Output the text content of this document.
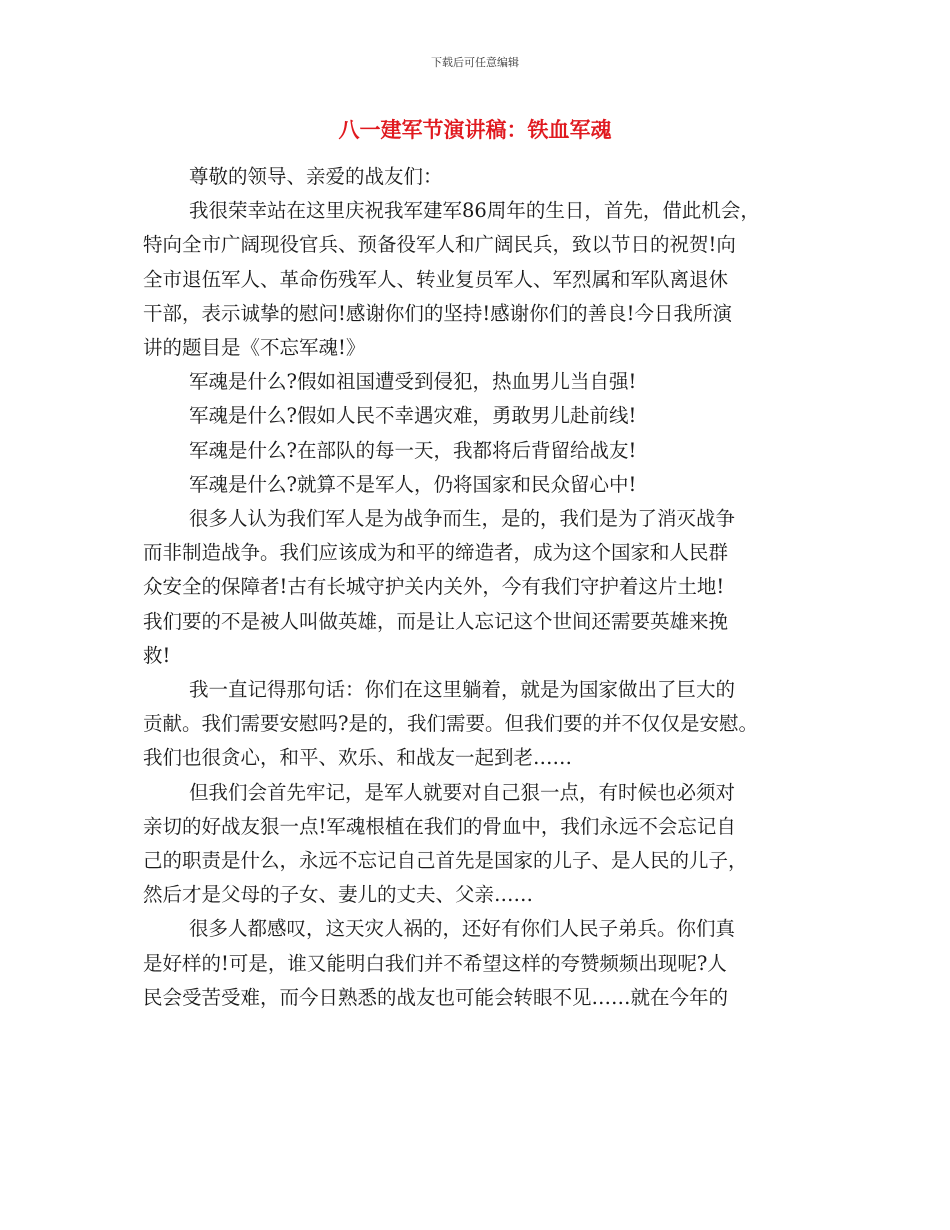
下载后可任意编辑
八一建军节演讲稿：铁血军魂
尊敬的领导、亲爱的战友们：
我很荣幸站在这里庆祝我军建军86周年的生日，首先，借此机会，
特向全市广阔现役官兵、预备役军人和广阔民兵，致以节日的祝贺!向
全市退伍军人、革命伤残军人、转业复员军人、军烈属和军队离退休
干部，表示诚挚的慰问!感谢你们的坚持!感谢你们的善良!今日我所演
讲的题目是《不忘军魂!》
军魂是什么?假如祖国遭受到侵犯，热血男儿当自强!
军魂是什么?假如人民不幸遇灾难，勇敢男儿赴前线!
军魂是什么?在部队的每一天，我都将后背留给战友!
军魂是什么?就算不是军人，仍将国家和民众留心中!
很多人认为我们军人是为战争而生，是的，我们是为了消灭战争
而非制造战争。我们应该成为和平的缔造者，成为这个国家和人民群
众安全的保障者!古有长城守护关内关外，今有我们守护着这片土地!
我们要的不是被人叫做英雄，而是让人忘记这个世间还需要英雄来挽
救!
我一直记得那句话：你们在这里躺着，就是为国家做出了巨大的
贡献。我们需要安慰吗?是的，我们需要。但我们要的并不仅仅是安慰。
我们也很贪心，和平、欢乐、和战友一起到老……
但我们会首先牢记，是军人就要对自己狠一点，有时候也必须对
亲切的好战友狠一点!军魂根植在我们的骨血中，我们永远不会忘记自
己的职责是什么，永远不忘记自己首先是国家的儿子、是人民的儿子，
然后才是父母的子女、妻儿的丈夫、父亲……
很多人都感叹，这天灾人祸的，还好有你们人民子弟兵。你们真
是好样的!可是，谁又能明白我们并不希望这样的夸赞频频出现呢?人
民会受苦受难，而今日熟悉的战友也可能会转眼不见……就在今年的
